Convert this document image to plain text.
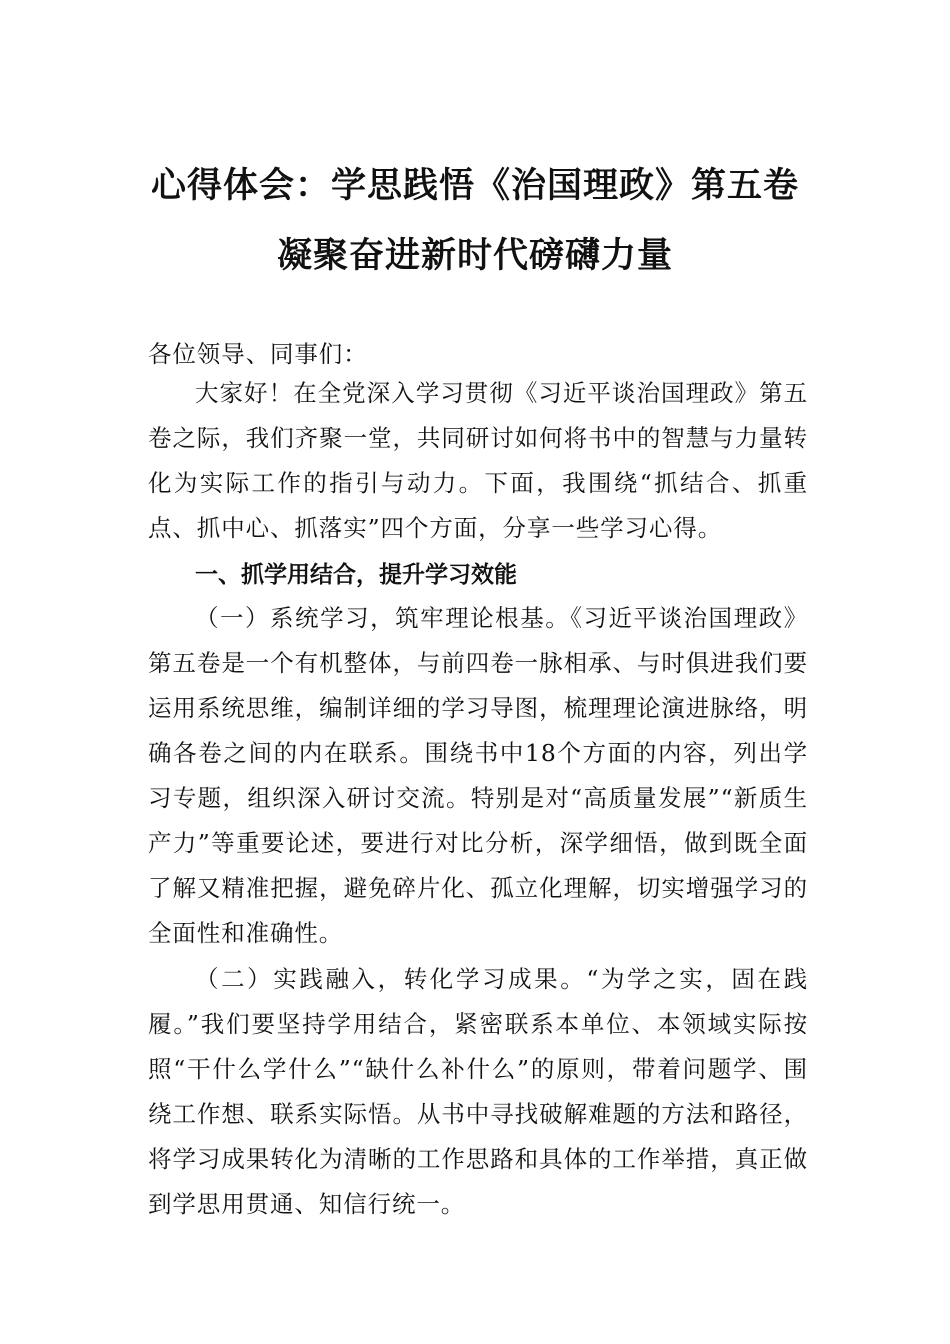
心得体会：学思践悟《治国理政》第五卷
凝聚奋进新时代磅礴力量
各位领导、同事们：
大家好！在全党深入学习贯彻《习近平谈治国理政》第五卷之际，我们齐聚一堂，共同研讨如何将书中的智慧与力量转化为实际工作的指引与动力。下面，我围绕“抓结合、抓重点、抓中心、抓落实”四个方面，分享一些学习心得。
一、抓学用结合，提升学习效能
（一）系统学习，筑牢理论根基。《习近平谈治国理政》第五卷是一个有机整体，与前四卷一脉相承、与时俱进我们要运用系统思维，编制详细的学习导图，梳理理论演进脉络，明确各卷之间的内在联系。围绕书中18个方面的内容，列出学习专题，组织深入研讨交流。特别是对“高质量发展”“新质生产力”等重要论述，要进行对比分析，深学细悟，做到既全面了解又精准把握，避免碎片化、孤立化理解，切实增强学习的全面性和准确性。
（二）实践融入，转化学习成果。“为学之实，固在践履。”我们要坚持学用结合，紧密联系本单位、本领域实际按照“干什么学什么”“缺什么补什么”的原则，带着问题学、围绕工作想、联系实际悟。从书中寻找破解难题的方法和路径，将学习成果转化为清晰的工作思路和具体的工作举措，真正做到学思用贯通、知信行统一。
